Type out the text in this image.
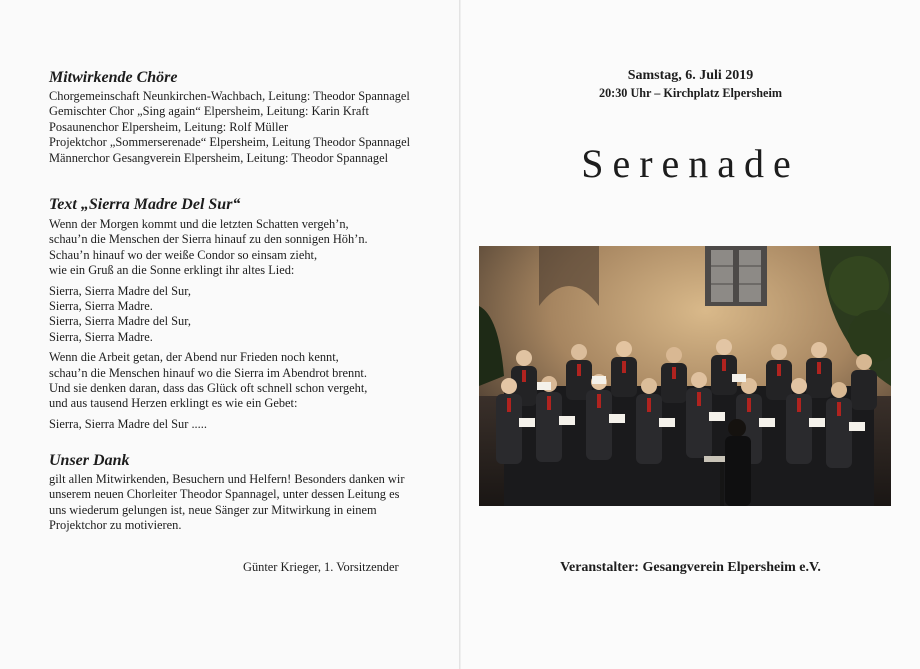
Mitwirkende Chöre
Chorgemeinschaft Neunkirchen-Wachbach, Leitung: Theodor Spannagel
Gemischter Chor „Sing again“ Elpersheim, Leitung: Karin Kraft
Posaunenchor Elpersheim, Leitung: Rolf Müller
Projektchor „Sommerserenade“ Elpersheim, Leitung Theodor Spannagel
Männerchor Gesangverein Elpersheim, Leitung: Theodor Spannagel
Text „Sierra Madre Del Sur“
Wenn der Morgen kommt und die letzten Schatten vergeh’n,
schau’n die Menschen der Sierra hinauf zu den sonnigen Höh’n.
Schau’n hinauf wo der weiße Condor so einsam zieht,
wie ein Gruß an die Sonne erklingt ihr altes Lied:
Sierra, Sierra Madre del Sur,
Sierra, Sierra Madre.
Sierra, Sierra Madre del Sur,
Sierra, Sierra Madre.
Wenn die Arbeit getan, der Abend nur Frieden noch kennt,
schau’n die Menschen hinauf wo die Sierra im Abendrot brennt.
Und sie denken daran, dass das Glück oft schnell schon vergeht,
und aus tausend Herzen erklingt es wie ein Gebet:
Sierra, Sierra Madre del Sur .....
Unser Dank
gilt allen Mitwirkenden, Besuchern und Helfern! Besonders danken wir
unserem neuen Chorleiter Theodor Spannagel, unter dessen Leitung es
uns wiederum gelungen ist, neue Sänger zur Mitwirkung in einem
Projektchor zu motivieren.
Günter Krieger, 1. Vorsitzender
Samstag, 6. Juli 2019
20:30 Uhr – Kirchplatz Elpersheim
Serenade
Veranstalter: Gesangverein Elpersheim e.V.
